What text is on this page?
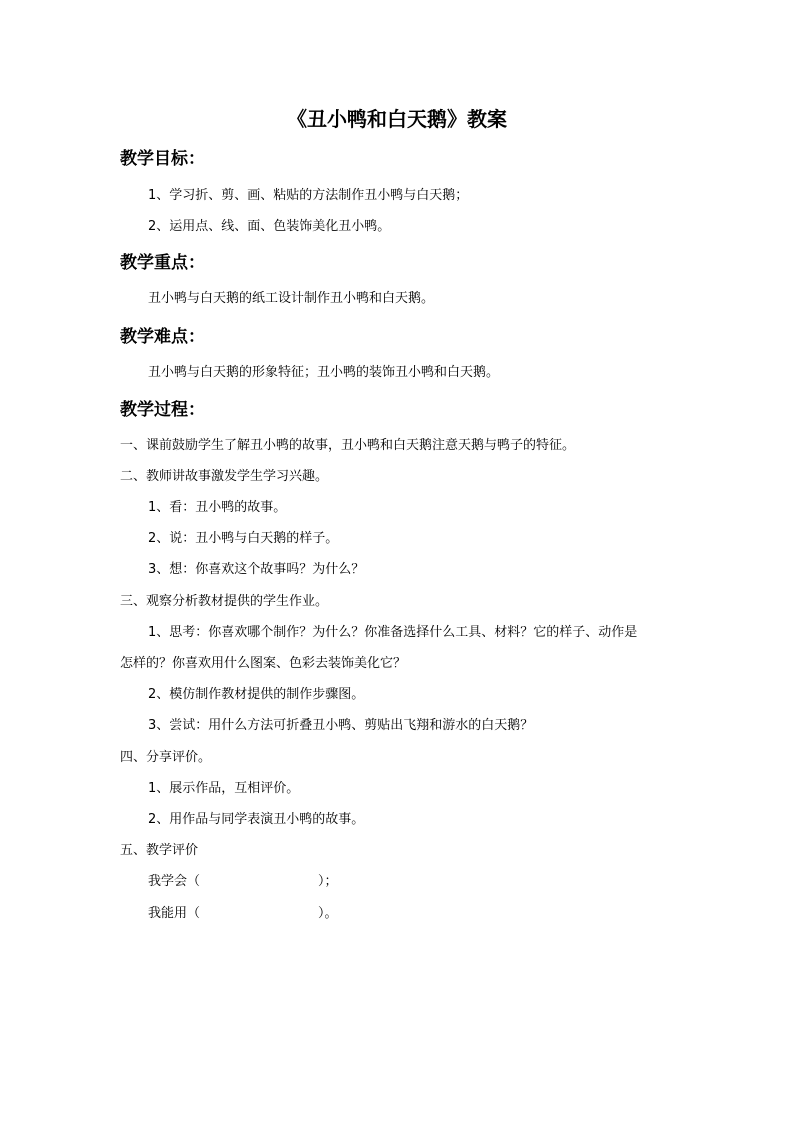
《丑小鸭和白天鹅》教案
教学目标：
1、学习折、剪、画、粘贴的方法制作丑小鸭与白天鹅；
2、运用点、线、面、色装饰美化丑小鸭。
教学重点：
丑小鸭与白天鹅的纸工设计制作丑小鸭和白天鹅。
教学难点：
丑小鸭与白天鹅的形象特征；丑小鸭的装饰丑小鸭和白天鹅。
教学过程：
一、课前鼓励学生了解丑小鸭的故事，丑小鸭和白天鹅注意天鹅与鸭子的特征。
二、教师讲故事激发学生学习兴趣。
1、看：丑小鸭的故事。
2、说：丑小鸭与白天鹅的样子。
3、想：你喜欢这个故事吗？为什么？
三、观察分析教材提供的学生作业。
1、思考：你喜欢哪个制作？为什么？你准备选择什么工具、材料？它的样子、动作是
怎样的？你喜欢用什么图案、色彩去装饰美化它？
2、模仿制作教材提供的制作步骤图。
3、尝试：用什么方法可折叠丑小鸭、剪贴出飞翔和游水的白天鹅？
四、分享评价。
1、展示作品，互相评价。
2、用作品与同学表演丑小鸭的故事。
五、教学评价
我学会（	）；
我能用（	）。
